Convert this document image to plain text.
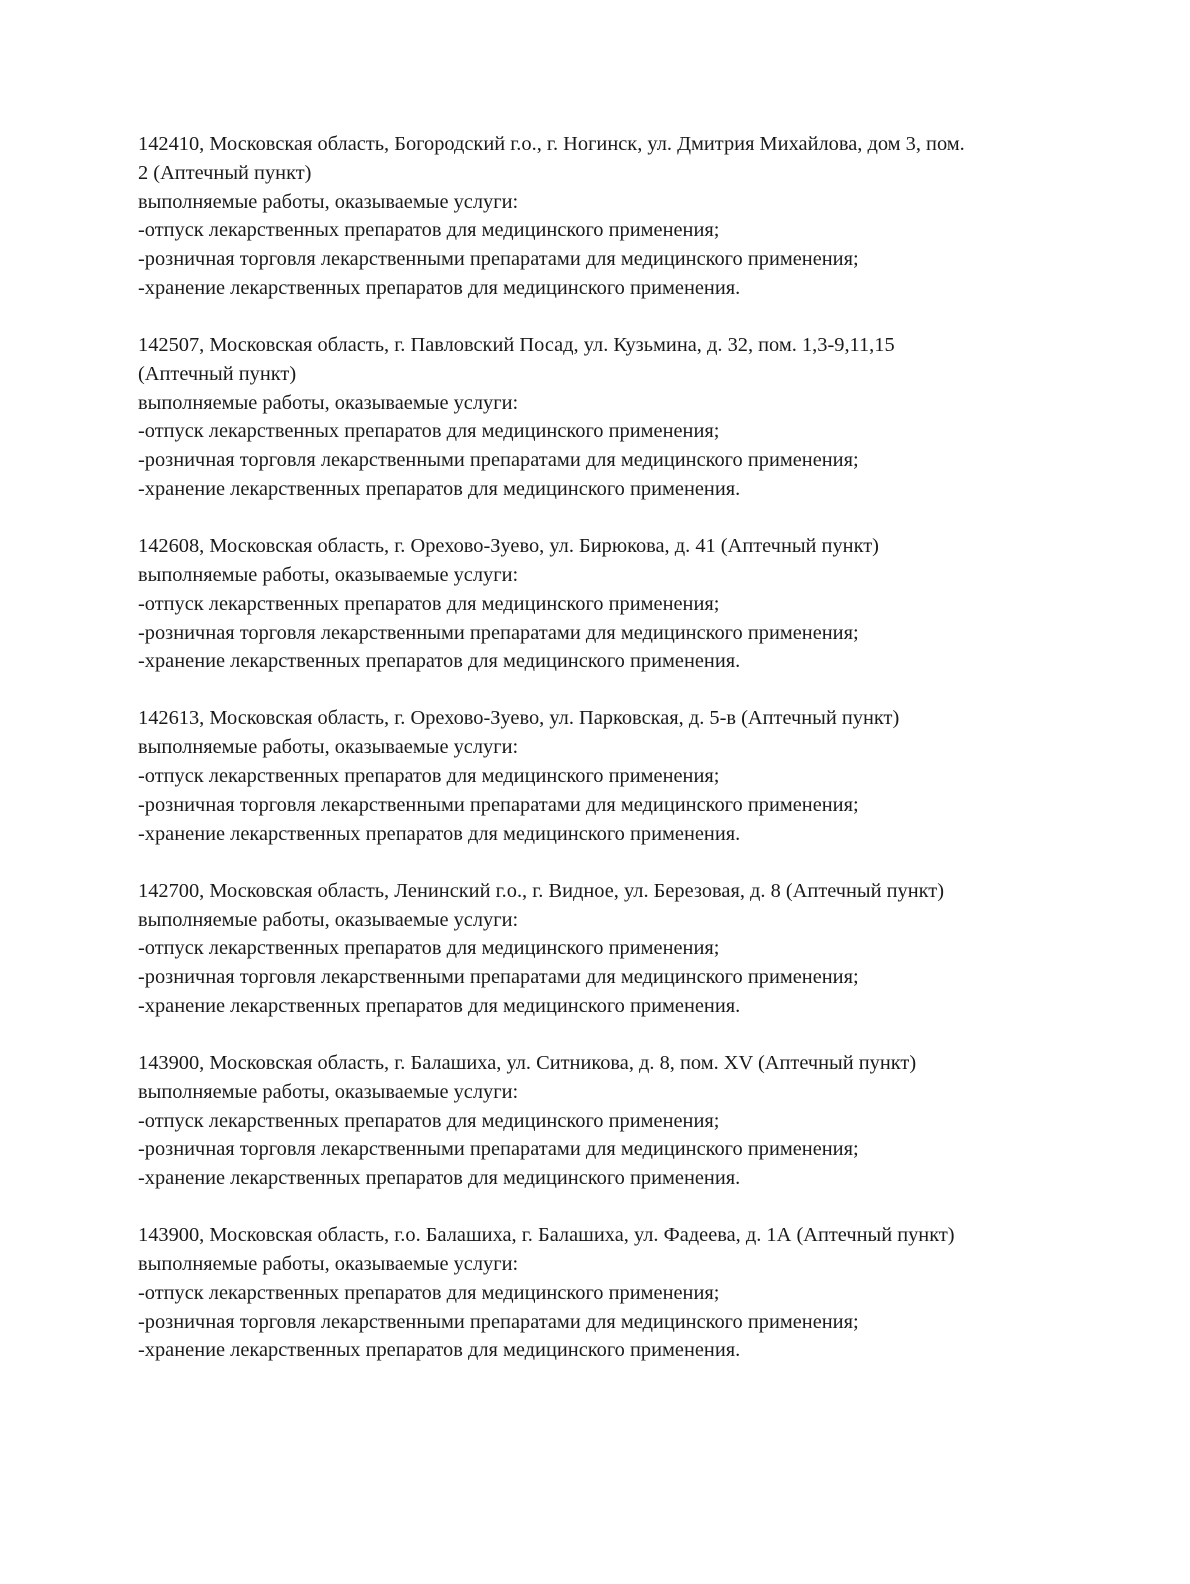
142410, Московская область, Богородский г.о., г. Ногинск, ул. Дмитрия Михайлова, дом 3, пом.
2 (Аптечный пункт)
выполняемые работы, оказываемые услуги:
-отпуск лекарственных препаратов для медицинского применения;
-розничная торговля лекарственными препаратами для медицинского применения;
-хранение лекарственных препаратов для медицинского применения.
142507, Московская область, г. Павловский Посад, ул. Кузьмина, д. 32, пом. 1,3-9,11,15
(Аптечный пункт)
выполняемые работы, оказываемые услуги:
-отпуск лекарственных препаратов для медицинского применения;
-розничная торговля лекарственными препаратами для медицинского применения;
-хранение лекарственных препаратов для медицинского применения.
142608, Московская область, г. Орехово-Зуево, ул. Бирюкова, д. 41 (Аптечный пункт)
выполняемые работы, оказываемые услуги:
-отпуск лекарственных препаратов для медицинского применения;
-розничная торговля лекарственными препаратами для медицинского применения;
-хранение лекарственных препаратов для медицинского применения.
142613, Московская область, г. Орехово-Зуево, ул. Парковская, д. 5-в (Аптечный пункт)
выполняемые работы, оказываемые услуги:
-отпуск лекарственных препаратов для медицинского применения;
-розничная торговля лекарственными препаратами для медицинского применения;
-хранение лекарственных препаратов для медицинского применения.
142700, Московская область, Ленинский г.о., г. Видное, ул. Березовая, д. 8 (Аптечный пункт)
выполняемые работы, оказываемые услуги:
-отпуск лекарственных препаратов для медицинского применения;
-розничная торговля лекарственными препаратами для медицинского применения;
-хранение лекарственных препаратов для медицинского применения.
143900, Московская область, г. Балашиха, ул. Ситникова, д. 8, пом. XV (Аптечный пункт)
выполняемые работы, оказываемые услуги:
-отпуск лекарственных препаратов для медицинского применения;
-розничная торговля лекарственными препаратами для медицинского применения;
-хранение лекарственных препаратов для медицинского применения.
143900, Московская область, г.о. Балашиха, г. Балашиха, ул. Фадеева, д. 1А (Аптечный пункт)
выполняемые работы, оказываемые услуги:
-отпуск лекарственных препаратов для медицинского применения;
-розничная торговля лекарственными препаратами для медицинского применения;
-хранение лекарственных препаратов для медицинского применения.
